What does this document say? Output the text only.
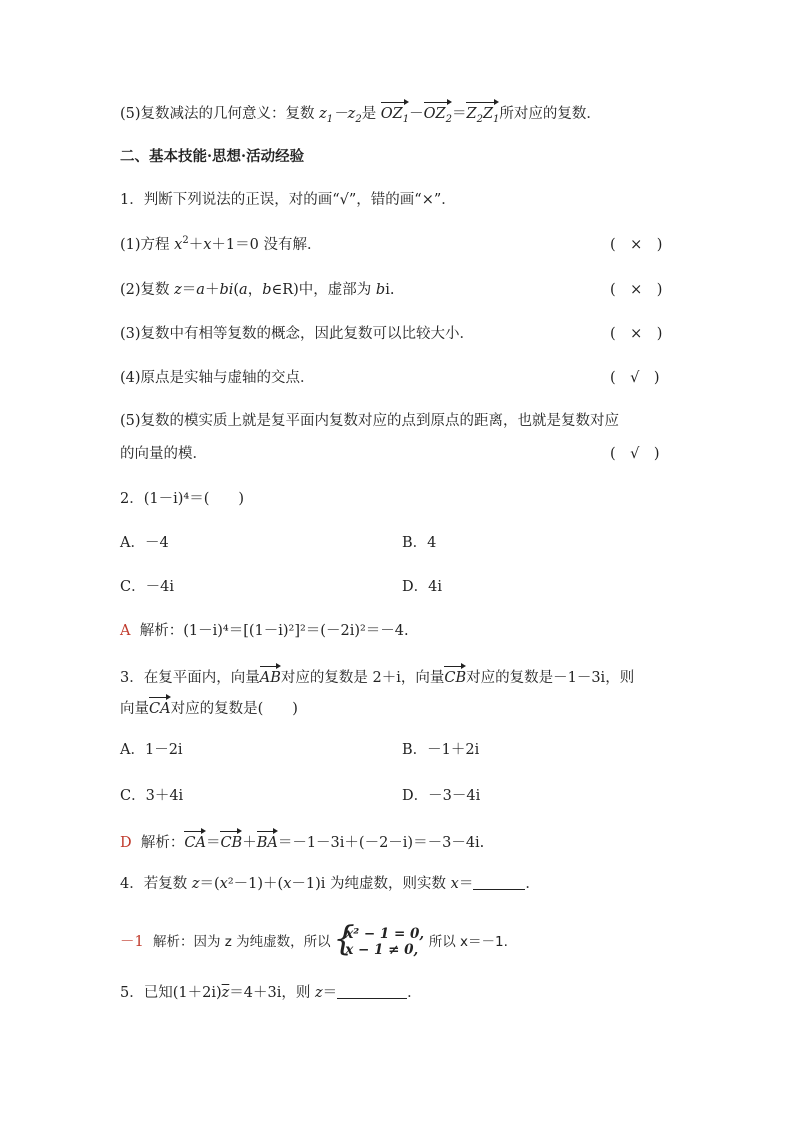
(5)复数减法的几何意义：复数 $z_1-z_2$是 $OZ_1-OZ_2=Z_2Z_1$所对应的复数．
二、基本技能·思想·活动经验
1．判断下列说法的正误，对的画“√”，错的画“×”．
(1)方程 $x^2+x+1=0$ 没有解．	(　×　)
(2)复数 z＝a＋bi(a，b∈R)中，虚部为 bi.	(　×　)
(3)复数中有相等复数的概念，因此复数可以比较大小．	(　×　)
(4)原点是实轴与虚轴的交点．	(　√　)
(5)复数的模实质上就是复平面内复数对应的点到原点的距离，也就是复数对应
的向量的模．	(　√　)
2．(1－i)⁴＝(　　)
A．－4	B．4
C．－4i	D．4i
A 解析：(1－i)⁴＝[(1－i)²]²＝(－2i)²＝－4.
3．在复平面内，向量AB对应的复数是 2＋i，向量CB对应的复数是－1－3i，则
向量CA对应的复数是(　　)
A．1－2i	B．－1＋2i
C．3＋4i	D．－3－4i
D 解析：CA＝CB＋BA＝－1－3i＋(－2－i)＝－3－4i.
4．若复数 z＝(x²－1)＋(x－1)i 为纯虚数，则实数 x＝	．
－1 解析：因为 z 为纯虚数，所以 { x² − 1 = 0,
x − 1 ≠ 0, 所以 x＝－1.
5．已知$(1+2i)\overline{z}=4+3i$，则 z＝	．
